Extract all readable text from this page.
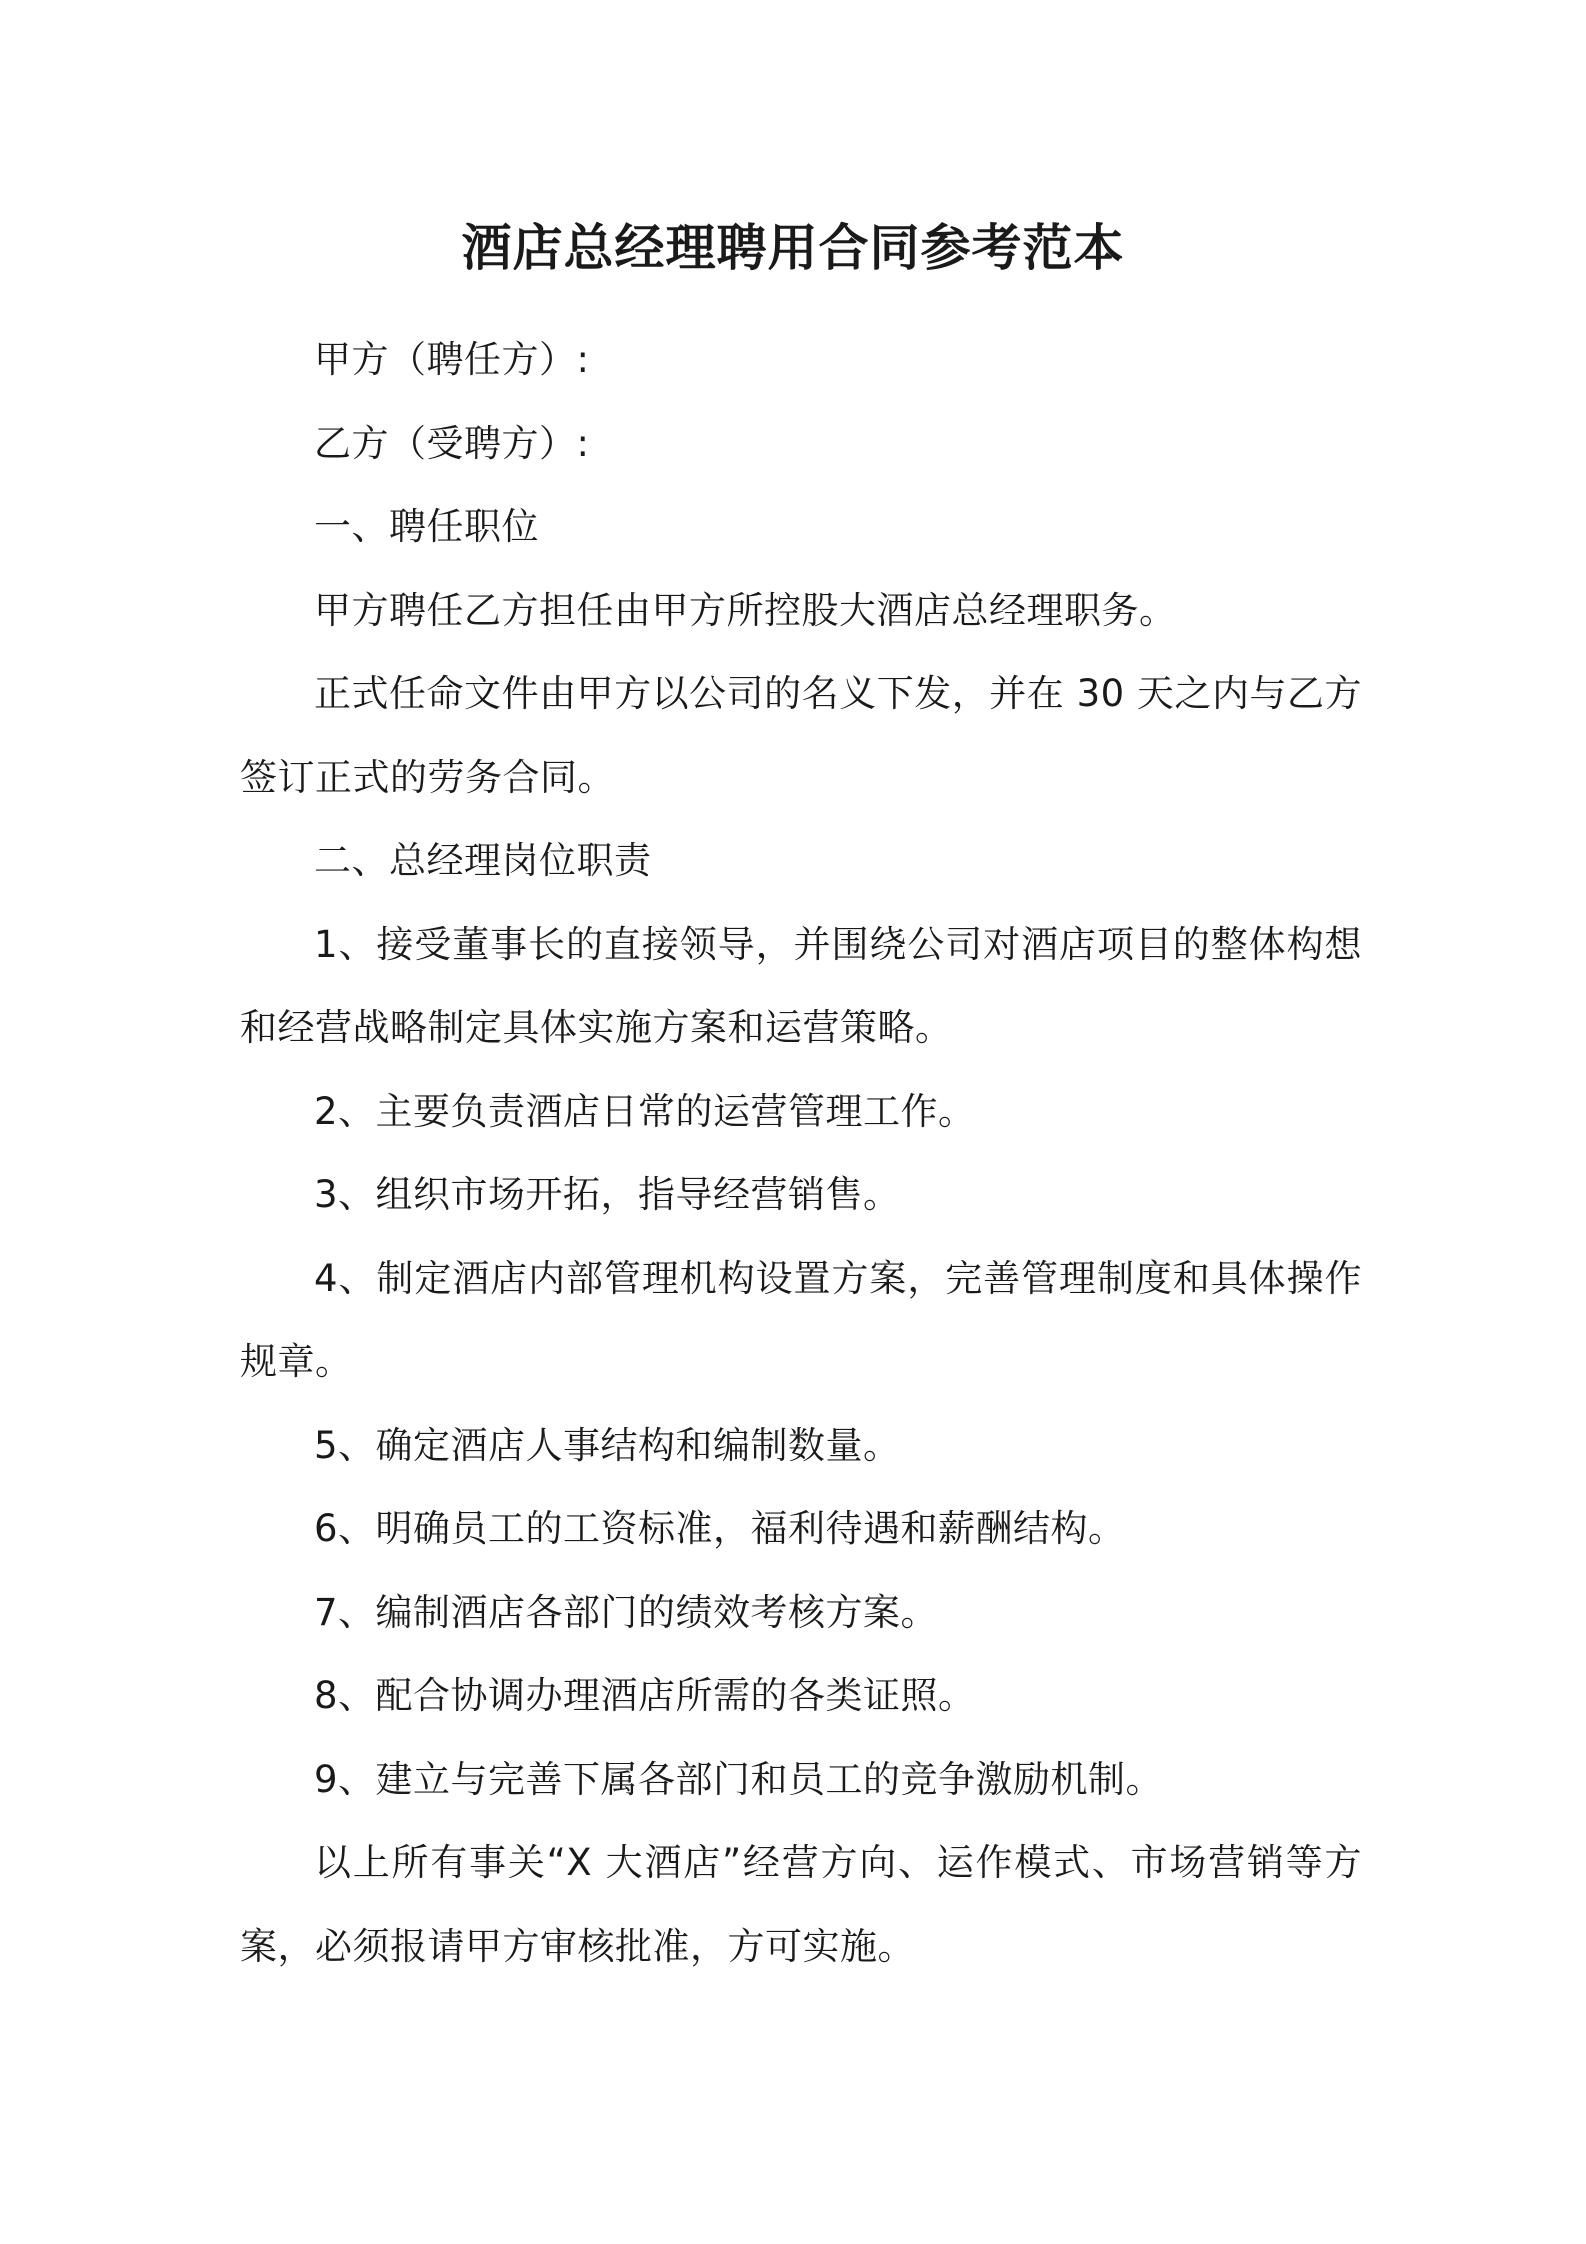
酒店总经理聘用合同参考范本

甲方（聘任方）:

乙方（受聘方）:

一、聘任职位

甲方聘任乙方担任由甲方所控股大酒店总经理职务。

正式任命文件由甲方以公司的名义下发，并在 30 天之内与乙方签订正式的劳务合同。

二、总经理岗位职责

1、接受董事长的直接领导，并围绕公司对酒店项目的整体构想和经营战略制定具体实施方案和运营策略。

2、主要负责酒店日常的运营管理工作。

3、组织市场开拓，指导经营销售。

4、制定酒店内部管理机构设置方案，完善管理制度和具体操作规章。

5、确定酒店人事结构和编制数量。

6、明确员工的工资标准，福利待遇和薪酬结构。

7、编制酒店各部门的绩效考核方案。

8、配合协调办理酒店所需的各类证照。

9、建立与完善下属各部门和员工的竞争激励机制。

以上所有事关“X 大酒店”经营方向、运作模式、市场营销等方案，必须报请甲方审核批准，方可实施。
